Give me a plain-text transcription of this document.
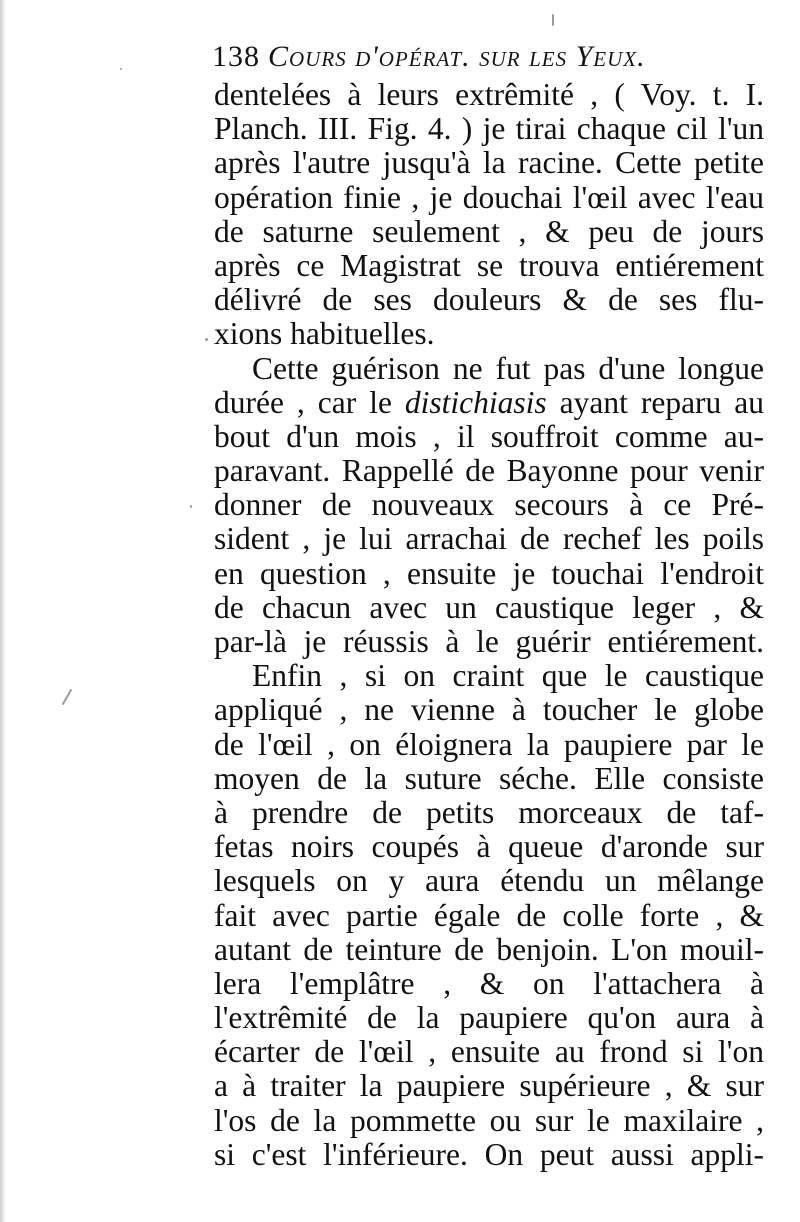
138 Cours d'opérat. sur les Yeux.
dentelées à leurs extrêmité , ( Voy. t. I.
Planch. III. Fig. 4. ) je tirai chaque cil l'un
après l'autre jusqu'à la racine. Cette petite
opération finie , je douchai l'œil avec l'eau
de saturne seulement , & peu de jours
après ce Magistrat se trouva entiérement
délivré de ses douleurs & de ses flu-
xions habituelles.
Cette guérison ne fut pas d'une longue
durée , car le distichiasis ayant reparu au
bout d'un mois , il souffroit comme au-
paravant. Rappellé de Bayonne pour venir
donner de nouveaux secours à ce Pré-
sident , je lui arrachai de rechef les poils
en question , ensuite je touchai l'endroit
de chacun avec un caustique leger , &
par-là je réussis à le guérir entiérement.
Enfin , si on craint que le caustique
appliqué , ne vienne à toucher le globe
de l'œil , on éloignera la paupiere par le
moyen de la suture séche. Elle consiste
à prendre de petits morceaux de taf-
fetas noirs coupés à queue d'aronde sur
lesquels on y aura étendu un mêlange
fait avec partie égale de colle forte , &
autant de teinture de benjoin. L'on mouil-
lera l'emplâtre , & on l'attachera à
l'extrêmité de la paupiere qu'on aura à
écarter de l'œil , ensuite au frond si l'on
a à traiter la paupiere supérieure , & sur
l'os de la pommette ou sur le maxilaire ,
si c'est l'inférieure. On peut aussi appli-
